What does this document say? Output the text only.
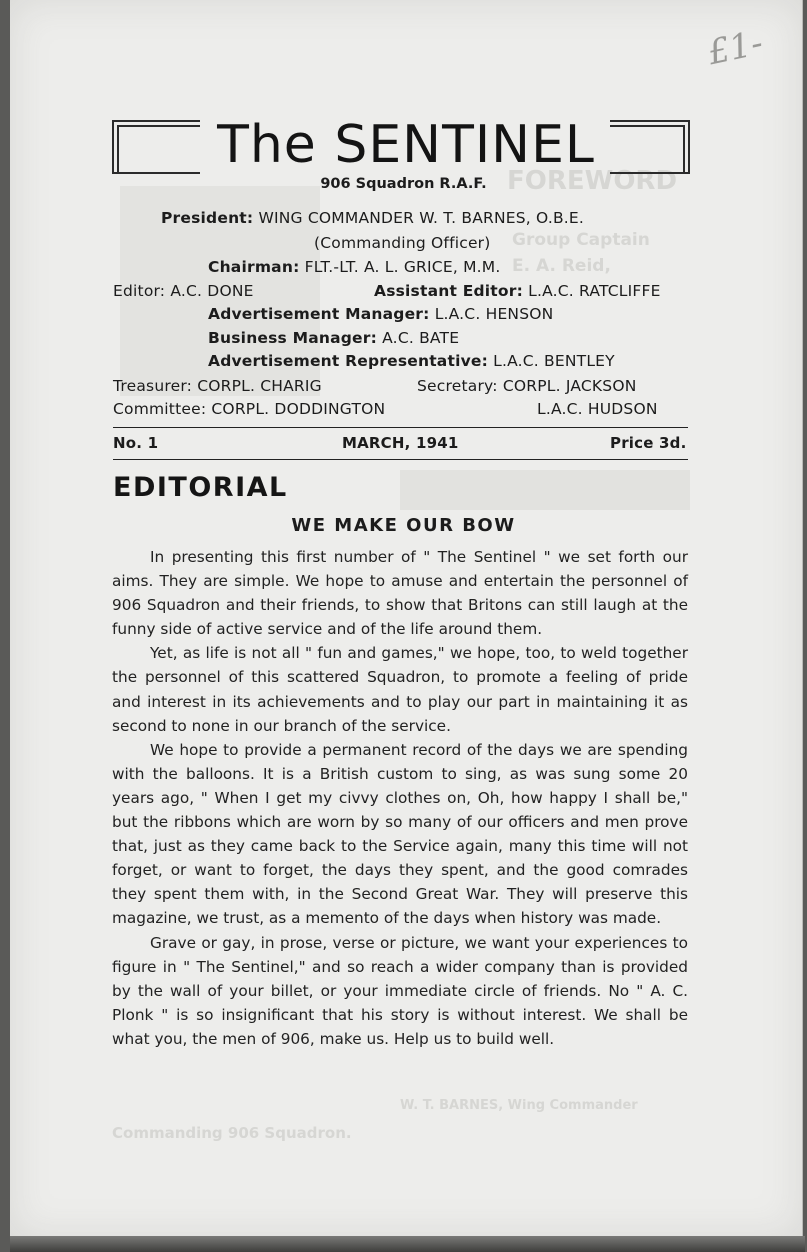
FOREWORD
Group Captain
E. A. Reid,
W. T. BARNES, Wing Commander
Commanding 906 Squadron.
£1-
The SENTINEL
906 Squadron R.A.F.
President: WING COMMANDER W. T. BARNES, O.B.E.
(Commanding Officer)
Chairman: FLT.-LT. A. L. GRICE, M.M.
Editor: A.C. DONE	Assistant Editor: L.A.C. RATCLIFFE
Advertisement Manager: L.A.C. HENSON
Business Manager: A.C. BATE
Advertisement Representative: L.A.C. BENTLEY
Treasurer: CORPL. CHARIG	Secretary: CORPL. JACKSON
Committee: CORPL. DODDINGTON	L.A.C. HUDSON
No. 1	MARCH, 1941	Price 3d.
EDITORIAL
WE MAKE OUR BOW

In presenting this first number of " The Sentinel " we set forth our aims. They are simple. We hope to amuse and entertain the personnel of 906 Squadron and their friends, to show that Britons can still laugh at the funny side of active service and of the life around them.

Yet, as life is not all " fun and games," we hope, too, to weld together the personnel of this scattered Squadron, to promote a feeling of pride and interest in its achievements and to play our part in maintaining it as second to none in our branch of the service.

We hope to provide a permanent record of the days we are spending with the balloons. It is a British custom to sing, as was sung some 20 years ago, " When I get my civvy clothes on, Oh, how happy I shall be," but the ribbons which are worn by so many of our officers and men prove that, just as they came back to the Service again, many this time will not forget, or want to forget, the days they spent, and the good comrades they spent them with, in the Second Great War. They will preserve this magazine, we trust, as a memento of the days when history was made.

Grave or gay, in prose, verse or picture, we want your experiences to figure in " The Sentinel," and so reach a wider company than is provided by the wall of your billet, or your immediate circle of friends. No " A. C. Plonk " is so insignificant that his story is without interest. We shall be what you, the men of 906, make us. Help us to build well.
